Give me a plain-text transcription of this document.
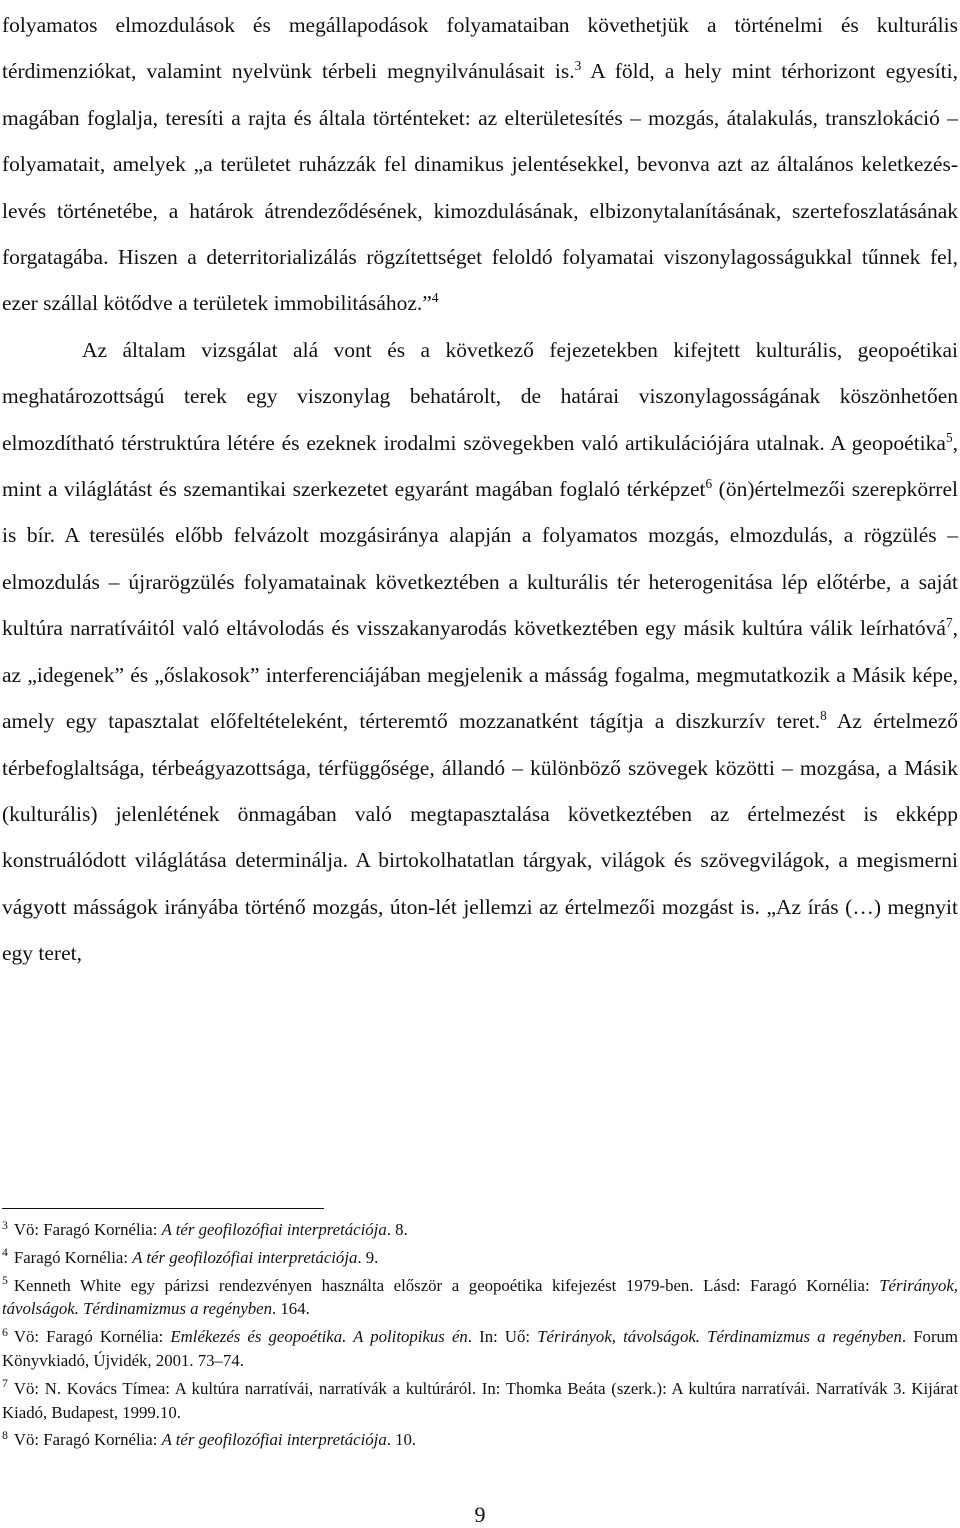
folyamatos elmozdulások és megállapodások folyamataiban követhetjük a történelmi és kulturális térdimenziókat, valamint nyelvünk térbeli megnyilvánulásait is.$^3$ A föld, a hely mint térhorizont egyesíti, magában foglalja, teresíti a rajta és általa történteket: az elterületesítés – mozgás, átalakulás, transzlokáció – folyamatait, amelyek „a területet ruházzák fel dinamikus jelentésekkel, bevonva azt az általános keletkezés-levés történetébe, a határok átrendeződésének, kimozdulásának, elbizonytalanításának, szertefoszlatásának forgatagába. Hiszen a deterritorializálás rögzítettséget feloldó folyamatai viszonylagosságukkal tűnnek fel, ezer szállal kötődve a területek immobilitásához.”$^4$

Az általam vizsgálat alá vont és a következő fejezetekben kifejtett kulturális, geopoétikai meghatározottságú terek egy viszonylag behatárolt, de határai viszonylagosságának köszönhetően elmozdítható térstruktúra létére és ezeknek irodalmi szövegekben való artikulációjára utalnak. A geopoétika$^5$, mint a világlátást és szemantikai szerkezetet egyaránt magában foglaló térképzet$^6$ (ön)értelmezői szerepkörrel is bír. A teresülés előbb felvázolt mozgásiránya alapján a folyamatos mozgás, elmozdulás, a rögzülés – elmozdulás – újrarögzülés folyamatainak következtében a kulturális tér heterogenitása lép előtérbe, a saját kultúra narratíváitól való eltávolodás és visszakanyarodás következtében egy másik kultúra válik leírhatóvá$^7$, az „idegenek” és „őslakosok” interferenciájában megjelenik a másság fogalma, megmutatkozik a Másik képe, amely egy tapasztalat előfeltételeként, térteremtő mozzanatként tágítja a diszkurzív teret.$^8$ Az értelmező térbefoglaltsága, térbeágyazottsága, térfüggősége, állandó – különböző szövegek közötti – mozgása, a Másik (kulturális) jelenlétének önmagában való megtapasztalása következtében az értelmezést is ekképp konstruálódott világlátása determinálja. A birtokolhatatlan tárgyak, világok és szövegvilágok, a megismerni vágyott másságok irányába történő mozgás, úton-lét jellemzi az értelmezői mozgást is. „Az írás (…) megnyit egy teret,

$^3$ Vö: Faragó Kornélia: A tér geofilozófiai interpretációja. 8.
$^4$ Faragó Kornélia: A tér geofilozófiai interpretációja. 9.
$^5$ Kenneth White egy párizsi rendezvényen használta először a geopoétika kifejezést 1979-ben. Lásd: Faragó Kornélia: Térirányok, távolságok. Térdinamizmus a regényben. 164.
$^6$ Vö: Faragó Kornélia: Emlékezés és geopoétika. A politopikus én. In: Uő: Térirányok, távolságok. Térdinamizmus a regényben. Forum Könyvkiadó, Újvidék, 2001. 73–74.
$^7$ Vö: N. Kovács Tímea: A kultúra narratívái, narratívák a kultúráról. In: Thomka Beáta (szerk.): A kultúra narratívái. Narratívák 3. Kijárat Kiadó, Budapest, 1999.10.
$^8$ Vö: Faragó Kornélia: A tér geofilozófiai interpretációja. 10.
9
